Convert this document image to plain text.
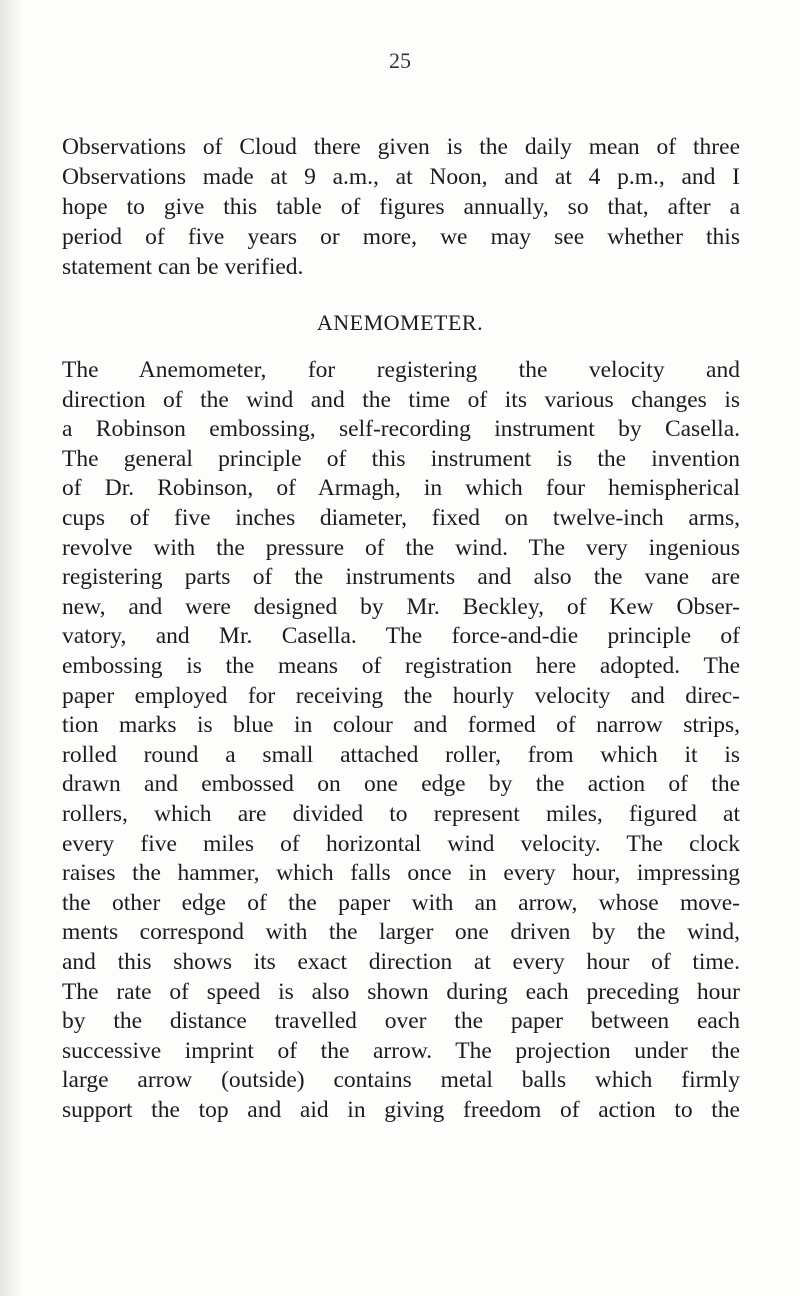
25
Observations of Cloud there given is the daily mean of three
Observations made at 9 a.m., at Noon, and at 4 p.m., and I
hope to give this table of figures annually, so that, after a
period of five years or more, we may see whether this
statement can be verified.
ANEMOMETER.
The Anemometer, for registering the velocity and
direction of the wind and the time of its various changes is
a Robinson embossing, self-recording instrument by Casella.
The general principle of this instrument is the invention
of Dr. Robinson, of Armagh, in which four hemispherical
cups of five inches diameter, fixed on twelve-inch arms,
revolve with the pressure of the wind. The very ingenious
registering parts of the instruments and also the vane are
new, and were designed by Mr. Beckley, of Kew Obser-
vatory, and Mr. Casella. The force-and-die principle of
embossing is the means of registration here adopted. The
paper employed for receiving the hourly velocity and direc-
tion marks is blue in colour and formed of narrow strips,
rolled round a small attached roller, from which it is
drawn and embossed on one edge by the action of the
rollers, which are divided to represent miles, figured at
every five miles of horizontal wind velocity. The clock
raises the hammer, which falls once in every hour, impressing
the other edge of the paper with an arrow, whose move-
ments correspond with the larger one driven by the wind,
and this shows its exact direction at every hour of time.
The rate of speed is also shown during each preceding hour
by the distance travelled over the paper between each
successive imprint of the arrow. The projection under the
large arrow (outside) contains metal balls which firmly
support the top and aid in giving freedom of action to the
